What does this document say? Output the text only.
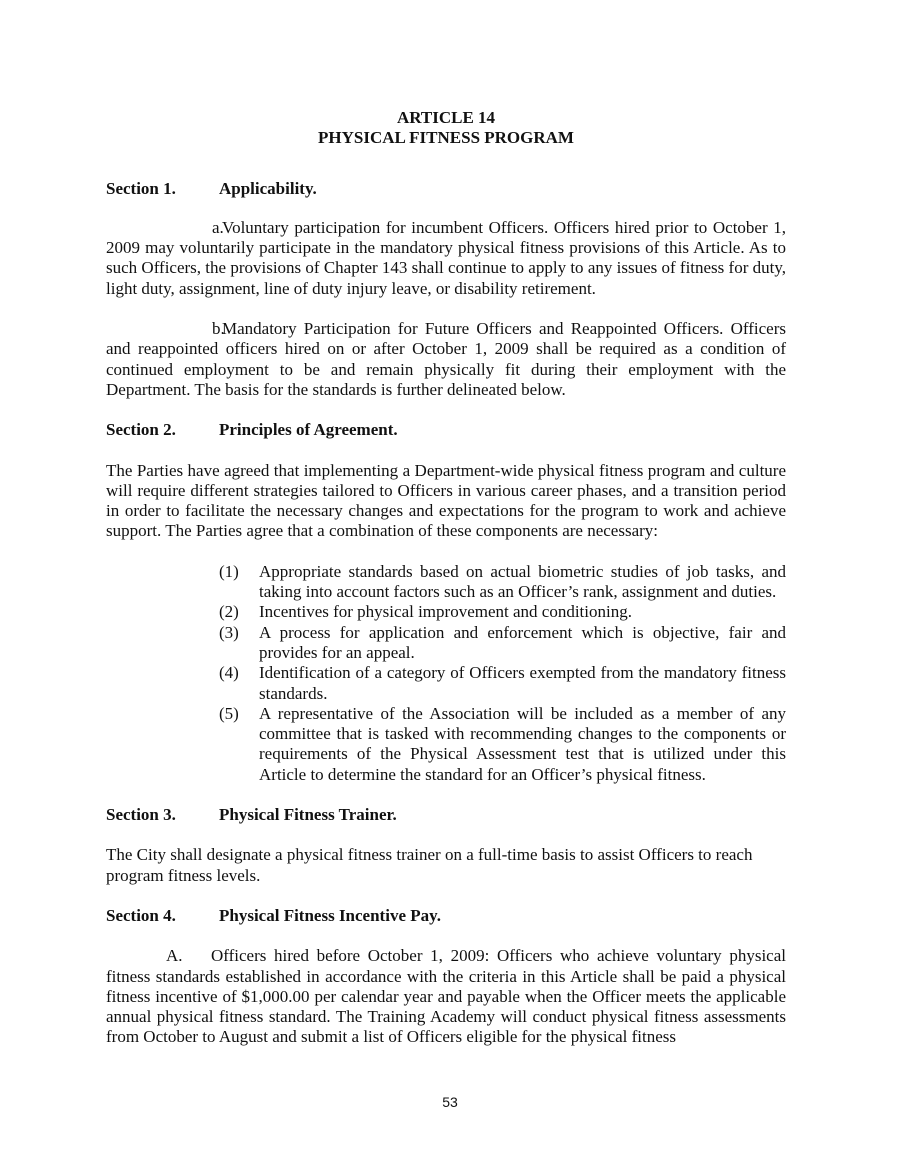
ARTICLE 14
PHYSICAL FITNESS PROGRAM
Section 1.	Applicability.

a.Voluntary participation for incumbent Officers. Officers hired prior to October 1, 2009 may voluntarily participate in the mandatory physical fitness provisions of this Article. As to such Officers, the provisions of Chapter 143 shall continue to apply to any issues of fitness for duty, light duty, assignment, line of duty injury leave, or disability retirement.

b.Mandatory Participation for Future Officers and Reappointed Officers. Officers and reappointed officers hired on or after October 1, 2009 shall be required as a condition of continued employment to be and remain physically fit during their employment with the Department. The basis for the standards is further delineated below.

Section 2.	Principles of Agreement.

The Parties have agreed that implementing a Department-wide physical fitness program and culture will require different strategies tailored to Officers in various career phases, and a transition period in order to facilitate the necessary changes and expectations for the program to work and achieve support. The Parties agree that a combination of these components are necessary:

(1)	Appropriate standards based on actual biometric studies of job tasks, and taking into account factors such as an Officer’s rank, assignment and duties.
(2)	Incentives for physical improvement and conditioning.
(3)	A process for application and enforcement which is objective, fair and provides for an appeal.
(4)	Identification of a category of Officers exempted from the mandatory fitness standards.
(5)	A representative of the Association will be included as a member of any committee that is tasked with recommending changes to the components or requirements of the Physical Assessment test that is utilized under this Article to determine the standard for an Officer’s physical fitness.
Section 3.	Physical Fitness Trainer.

The City shall designate a physical fitness trainer on a full-time basis to assist Officers to reach program fitness levels.

Section 4.	Physical Fitness Incentive Pay.

A. Officers hired before October 1, 2009: Officers who achieve voluntary physical fitness standards established in accordance with the criteria in this Article shall be paid a physical fitness incentive of $1,000.00 per calendar year and payable when the Officer meets the applicable annual physical fitness standard. The Training Academy will conduct physical fitness assessments from October to August and submit a list of Officers eligible for the physical fitness

53
